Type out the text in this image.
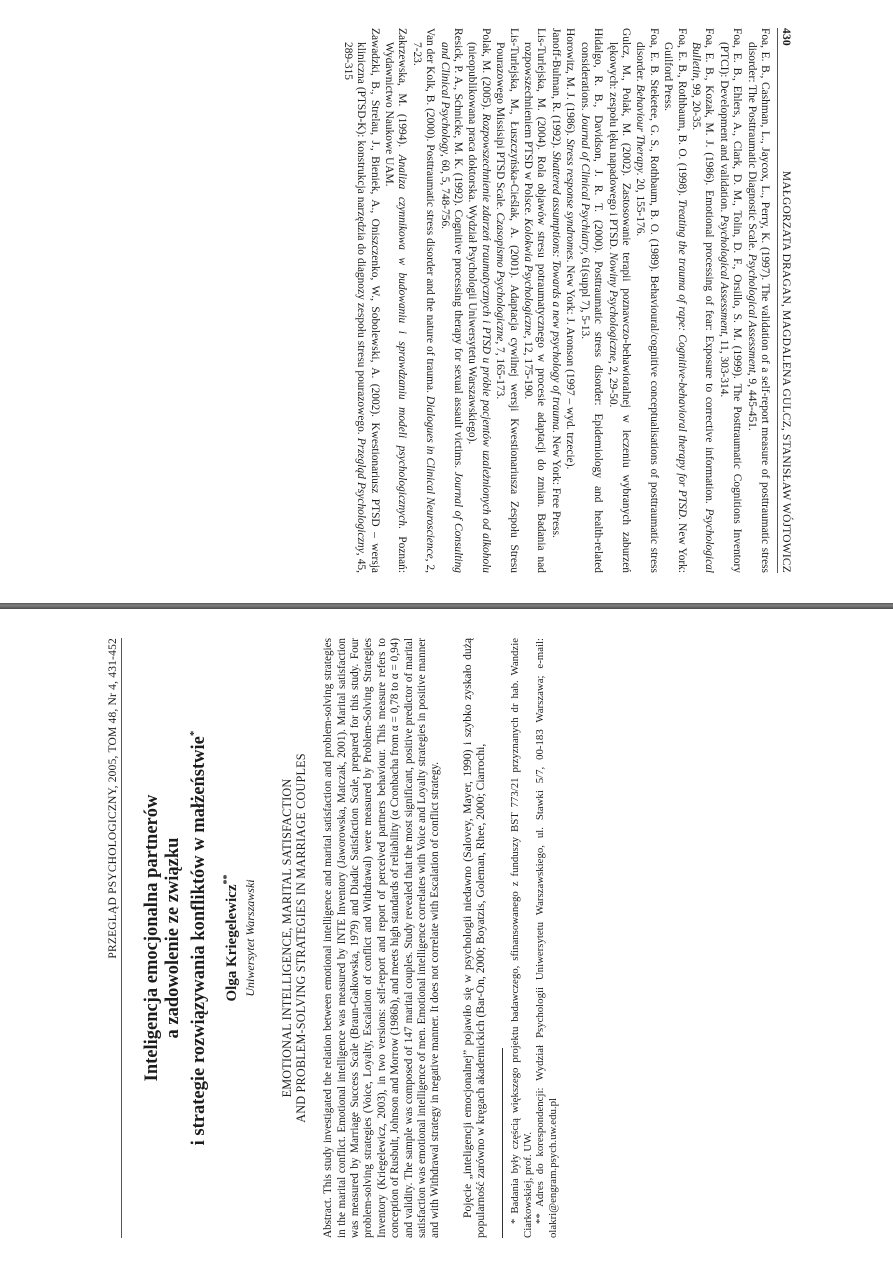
430
MAŁGORZATA DRAGAN, MAGDALENA GULCZ, STANISŁAW WÓJTOWICZ
Foa, E. B., Cashman, L., Jaycox, L., Perry, K. (1997). The validation of a self-report measure of posttraumatic stress disorder: The Posttraumatic Diagnostic Scale. Psychological Assessment, 9, 445-451.
Foa, E. B., Ehlers, A., Clark, D. M., Tolin, D. F., Orsillo, S. M. (1999). The Posttraumatic Cognitions Inventory (PTCI): Development and validation. Psychological Assessment, 11, 303-314.
Foa, E. B., Kozak, M. J. (1986). Emotional processing of fear: Exposure to corrective information. Psychological Bulletin, 99, 20-35.
Foa, E. B., Rothbaum, B. O. (1998). Treating the trauma of rape: Cognitive-behavioral therapy for PTSD. New York: Guilford Press.
Foa, E. B. Steketee, G. S., Rothbaum, B. O. (1989). Behavioural/cognitive conceptualisations of posttraumatic stress disorder. Behaviour Therapy. 20, 155-176.
Gulcz, M., Polak, M. (2002). Zastosowanie terapii poznawczo-behawioralnej w leczeniu wybranych zaburzeń lękowych: zespołu lęku napadowego i PTSD. Nowiny Psychologiczne, 2, 29-50.
Hidalgo, R. B., Davidson, J. R. T. (2000). Posttraumatic stress disorder: Epidemiology and health-related considerations. Journal of Clinical Psychiatry, 61(suppl 7), 5-13.
Horowitz, M. J. (1986). Stress response syndromes. New York: J. Aronson (1997 – wyd. trzecie).
Janoff-Bulman, R. (1992). Shattered assumptions: Towards a new psychology of trauma. New York: Free Press.
Lis-Turlejska, M. (2004). Rola objawów stresu potraumatycznego w procesie adaptacji do zmian. Badania nad rozpowszechnieniem PTSD w Polsce. Kolokwia Psychologiczne, 12, 175-190.
Lis-Turlejska, M., Łuszczyńska-Cieślak, A. (2001). Adaptacja cywilnej wersji Kwestionariusza Zespołu Stresu Pourazowego Missisipi PTSD Scale. Czasopismo Psychologiczne, 7, 165-173.
Polak, M. (2005). Rozpowszechnienie zdarzeń traumatycznych i PTSD u próbie pacjentów uzależnionych od alkoholu (nieopublikowana praca doktorska. Wydział Psychologii Uniwersytetu Warszawskiego).
Resick, P. A., Schnicke, M. K. (1992). Cognitive processing therapy for sexual assault victims. Journal of Consulting and Clinical Psychology, 60, 5, 748-756.
Van der Kolk, B. (2000). Posttraumatic stress disorder and the nature of trauma. Dialogues in Clinical Neuroscience, 2, 7-23.
Zakrzewska, M. (1994). Analiza czynnikowa w budowaniu i sprawdzaniu modeli psychologicznych. Poznań: Wydawnictwo Naukowe UAM.
Zawadzki, B., Strelau, J., Bieniek, A., Oniszczenko, W., Sobolewski, A. (2002). Kwestionariusz PTSD – wersja kliniczna (PTSD-K): konstrukcja narzędzia do diagnozy zespołu stresu pourazowego. Przegląd Psychologiczny, 45, 289-315
PRZEGLĄD PSYCHOLOGICZNY, 2005, TOM 48, Nr 4, 431-452 Inteligencja emocjonalna partnerów a zadowolenie ze związku i strategie rozwiązywania konfliktów w małżeństwie*

Olga Kriegelewicz** Uniwersytet Warszawski EMOTIONAL INTELLIGENCE, MARITAL SATISFACTION AND PROBLEM-SOLVING STRATEGIES IN MARRIAGE COUPLES

Abstract. This study investigated the relation between emotional intelligence and marital satisfaction and problem-solving strategies in the marital conflict. Emotional intelligence was measured by INTE Inventory (Jaworowska, Matczak, 2001). Marital satisfaction was measured by Marriage Success Scale (Braun-Gałkowska, 1979) and Diadic Satisfaction Scale, prepared for this study. Four problem-solving strategies (Voice, Loyalty, Escalation of conflict and Withdrawal) were measured by Problem-Solving Strategies Inventory (Kriegelewicz, 2003), in two versions: self-report and report of perceived partners behaviour. This measure refers to conception of Rusbult, Johnson and Morrow (1986b), and meets high standards of reliability (α Cronbacha from α = 0,78 to α = 0,94) and validity. The sample was composed of 147 marital couples. Study revealed that the most significant, positive predictor of marital satisfaction was emotional intelligence of men. Emotional intelligence correlates with Voice and Loyalty strategies in positive manner and with Withdrawal strategy in negative manner. It does not correlate with Escalation of conflict strategy. Pojęcie „inteligencji emocjonalnej” pojawiło się w psychologii niedawno (Salovey, Mayer, 1990) i szybko zyskało dużą popularność zarówno w kręgach akademickich (Bar-On, 2000; Boyatzis, Goleman, Rhee, 2000; Ciarrochi, * Badania były częścią większego projektu badawczego, sfinansowanego z funduszy BST 773/21 przyznanych dr hab. Wandzie Ciarkowskiej, prof. UW. ** Adres do korespondencji: Wydział Psychologii Uniwersytetu Warszawskiego, ul. Stawki 5/7, 00-183 Warszawa; e-mail: olakri@engram.psych.uw.edu.pl
